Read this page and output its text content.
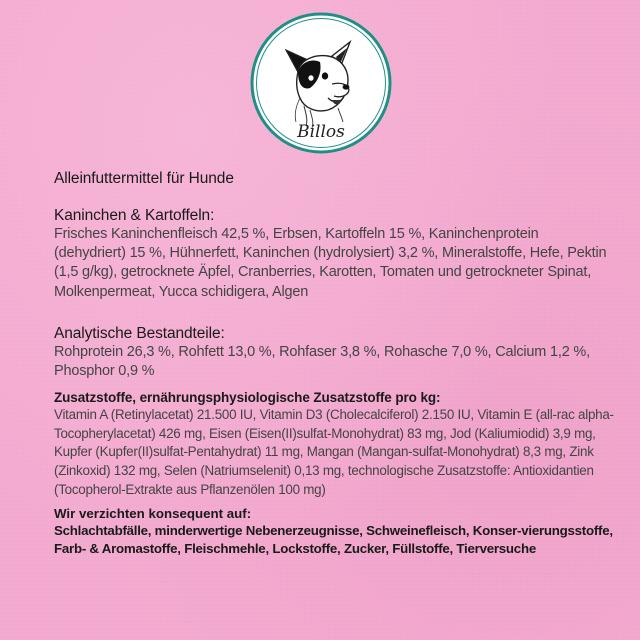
Billos

Alleinfuttermittel für Hunde

Kaninchen & Kartoffeln:

Frisches Kaninchenfleisch 42,5 %, Erbsen, Kartoffeln 15 %, Kaninchenprotein (dehydriert) 15 %, Hühnerfett, Kaninchen (hydrolysiert) 3,2 %, Mineralstoffe, Hefe, Pektin (1,5 g/kg), getrocknete Äpfel, Cranberries, Karotten, Tomaten und getrockneter Spinat, Molkenpermeat, Yucca schidigera, Algen

Analytische Bestandteile:

Rohprotein 26,3 %, Rohfett 13,0 %, Rohfaser 3,8 %, Rohasche 7,0 %, Calcium 1,2 %, Phosphor 0,9 %

Zusatzstoffe, ernährungsphysiologische Zusatzstoffe pro kg:

Vitamin A (Retinylacetat) 21.500 IU, Vitamin D3 (Cholecalciferol) 2.150 IU, Vitamin E (all-rac alpha-Tocopherylacetat) 426 mg, Eisen (Eisen(II)sulfat-Monohydrat) 83 mg, Jod (Kaliumiodid) 3,9 mg, Kupfer (Kupfer(II)sulfat-Pentahydrat) 11 mg, Mangan (Mangan-sulfat-Monohydrat) 8,3 mg, Zink (Zinkoxid) 132 mg, Selen (Natriumselenit) 0,13 mg, technologische Zusatzstoffe: Antioxidantien (Tocopherol-Extrakte aus Pflanzenölen 100 mg)

Wir verzichten konsequent auf:

Schlachtabfälle, minderwertige Nebenerzeugnisse, Schweinefleisch, Konser-vierungsstoffe, Farb- & Aromastoffe, Fleischmehle, Lockstoffe, Zucker, Füllstoffe, Tierversuche
